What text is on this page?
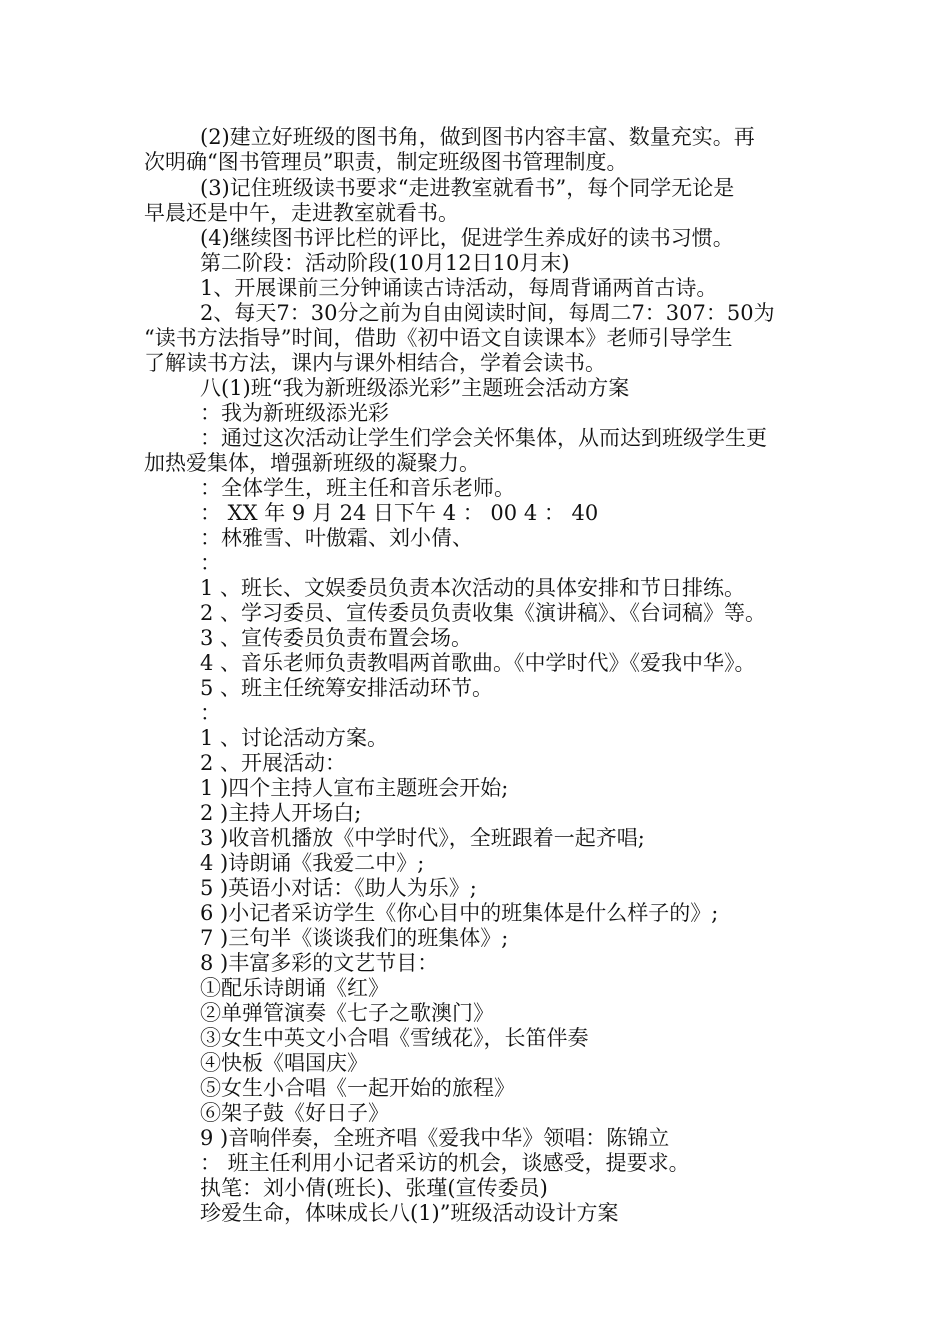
(2)建立好班级的图书角，做到图书内容丰富、数量充实。再
次明确“图书管理员”职责，制定班级图书管理制度。
(3)记住班级读书要求“走进教室就看书”，每个同学无论是
早晨还是中午，走进教室就看书。
(4)继续图书评比栏的评比，促进学生养成好的读书习惯。
第二阶段：活动阶段(10月12日10月末)
1、开展课前三分钟诵读古诗活动，每周背诵两首古诗。
2、每天7：30分之前为自由阅读时间，每周二7：307：50为
“读书方法指导”时间，借助《初中语文自读课本》老师引导学生
了解读书方法，课内与课外相结合，学着会读书。
八(1)班“我为新班级添光彩”主题班会活动方案
：我为新班级添光彩
：通过这次活动让学生们学会关怀集体，从而达到班级学生更
加热爱集体，增强新班级的凝聚力。
：全体学生，班主任和音乐老师。
： XX 年 9 月 24 日下午 4 ： 00 4 ： 40
：林雅雪、叶傲霜、刘小倩、
：
1 、班长、文娱委员负责本次活动的具体安排和节日排练。
2 、学习委员、宣传委员负责收集《演讲稿》、《台词稿》等。
3 、宣传委员负责布置会场。
4 、音乐老师负责教唱两首歌曲。《中学时代》《爱我中华》。
5 、班主任统筹安排活动环节。
：
1 、讨论活动方案。
2 、开展活动：
1 )四个主持人宣布主题班会开始;
2 )主持人开场白;
3 )收音机播放《中学时代》，全班跟着一起齐唱;
4 )诗朗诵《我爱二中》;
5 )英语小对话：《助人为乐》;
6 )小记者采访学生《你心目中的班集体是什么样子的》;
7 )三句半《谈谈我们的班集体》;
8 )丰富多彩的文艺节目：
①配乐诗朗诵《红》
②单弹管演奏《七子之歌澳门》
③女生中英文小合唱《雪绒花》，长笛伴奏
④快板《唱国庆》
⑤女生小合唱《一起开始的旅程》
⑥架子鼓《好日子》
9 )音响伴奏，全班齐唱《爱我中华》领唱：陈锦立
： 班主任利用小记者采访的机会，谈感受，提要求。
执笔：刘小倩(班长)、张瑾(宣传委员)
珍爱生命，体味成长八(1)”班级活动设计方案
